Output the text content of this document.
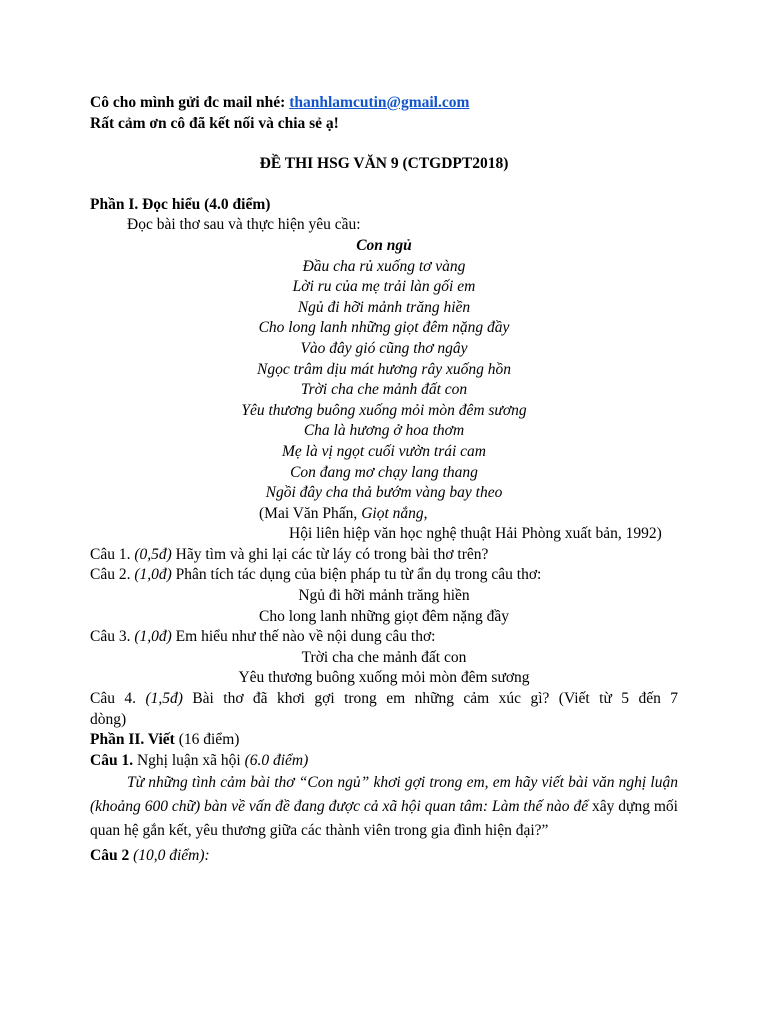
Cô cho mình gửi đc mail nhé: thanhlamcutin@gmail.com
Rất cảm ơn cô đã kết nối và chia sẻ ạ!
ĐỀ THI HSG VĂN 9 (CTGDPT2018)
Phần I. Đọc hiểu (4.0 điểm)
Đọc bài thơ sau và thực hiện yêu cầu:
Con ngủ
Đầu cha rủ xuống tơ vàng
Lời ru của mẹ trải làn gối em
Ngủ đi hỡi mảnh trăng hiền
Cho long lanh những giọt đêm nặng đầy
Vào đây gió cũng thơ ngây
Ngọc trâm dịu mát hương rây xuống hồn
Trời cha che mảnh đất con
Yêu thương buông xuống mỏi mòn đêm sương
Cha là hương ở hoa thơm
Mẹ là vị ngọt cuối vườn trái cam
Con đang mơ chạy lang thang
Ngồi đây cha thả bướm vàng bay theo
(Mai Văn Phấn, Giọt nắng,
Hội liên hiệp văn học nghệ thuật Hải Phòng xuất bản, 1992)
Câu 1. (0,5đ) Hãy tìm và ghi lại các từ láy có trong bài thơ trên?
Câu 2. (1,0đ) Phân tích tác dụng của biện pháp tu từ ẩn dụ trong câu thơ:
Ngủ đi hỡi mảnh trăng hiền
Cho long lanh những giọt đêm nặng đầy
Câu 3. (1,0đ) Em hiểu như thế nào về nội dung câu thơ:
Trời cha che mảnh đất con
Yêu thương buông xuống mỏi mòn đêm sương
Câu 4. (1,5đ) Bài thơ đã khơi gợi trong em những cảm xúc gì? (Viết từ 5 đến 7
dòng)
Phần II. Viết (16 điểm)
Câu 1. Nghị luận xã hội (6.0 điểm)
Từ những tình cảm bài thơ “Con ngủ” khơi gợi trong em, em hãy viết bài văn nghị luận (khoảng 600 chữ) bàn về vấn đề đang được cả xã hội quan tâm: Làm thế nào để xây dựng mối quan hệ gắn kết, yêu thương giữa các thành viên trong gia đình hiện đại?”
Câu 2 (10,0 điểm):
